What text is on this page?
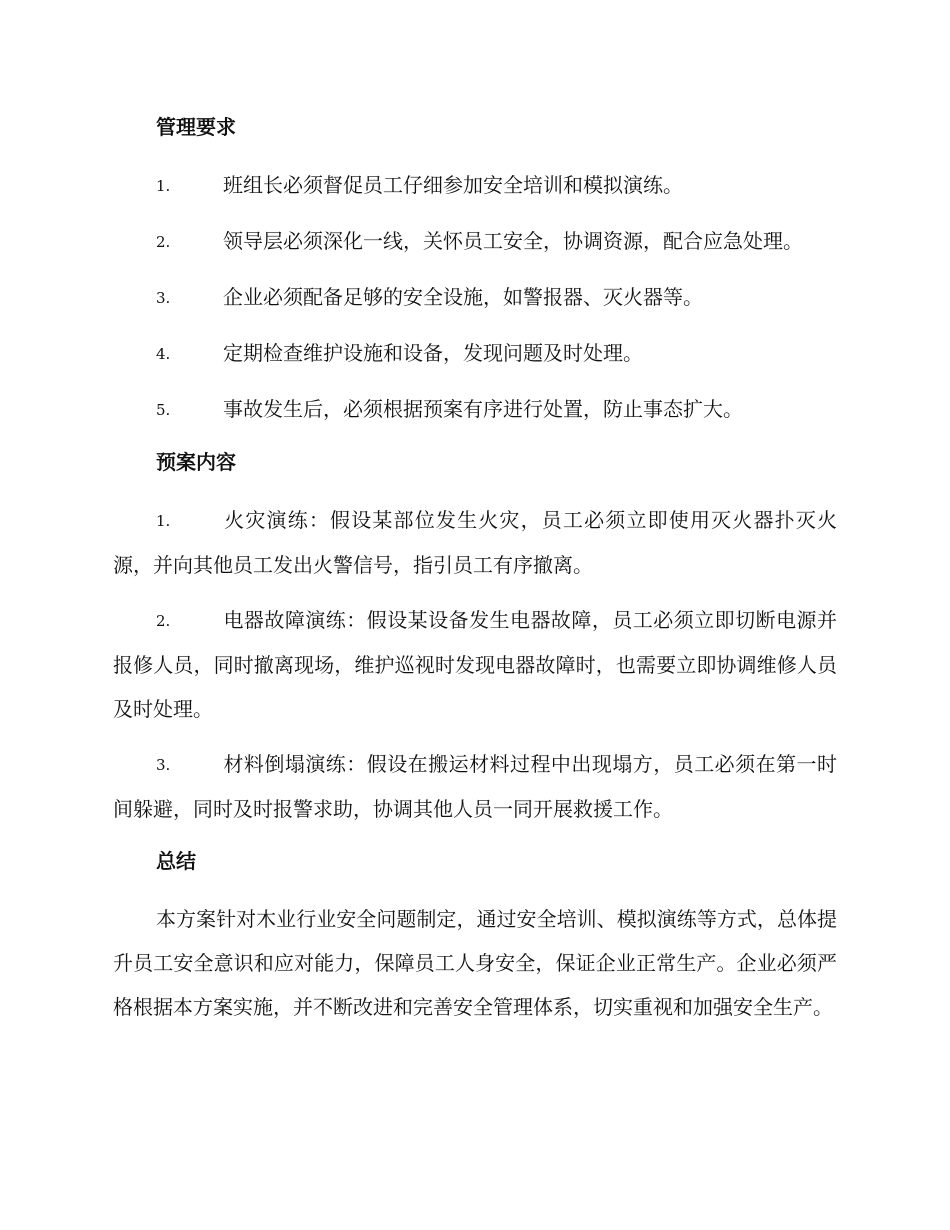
管理要求
1.	班组长必须督促员工仔细参加安全培训和模拟演练。
2.	领导层必须深化一线，关怀员工安全，协调资源，配合应急处理。
3.	企业必须配备足够的安全设施，如警报器、灭火器等。
4.	定期检查维护设施和设备，发现问题及时处理。
5.	事故发生后，必须根据预案有序进行处置，防止事态扩大。
预案内容
1.	火灾演练：假设某部位发生火灾，员工必须立即使用灭火器扑灭火源，并向其他员工发出火警信号，指引员工有序撤离。
2.	电器故障演练：假设某设备发生电器故障，员工必须立即切断电源并报修人员，同时撤离现场，维护巡视时发现电器故障时，也需要立即协调维修人员及时处理。
3.	材料倒塌演练：假设在搬运材料过程中出现塌方，员工必须在第一时间躲避，同时及时报警求助，协调其他人员一同开展救援工作。
总结

本方案针对木业行业安全问题制定，通过安全培训、模拟演练等方式，总体提升员工安全意识和应对能力，保障员工人身安全，保证企业正常生产。企业必须严格根据本方案实施，并不断改进和完善安全管理体系，切实重视和加强安全生产。
